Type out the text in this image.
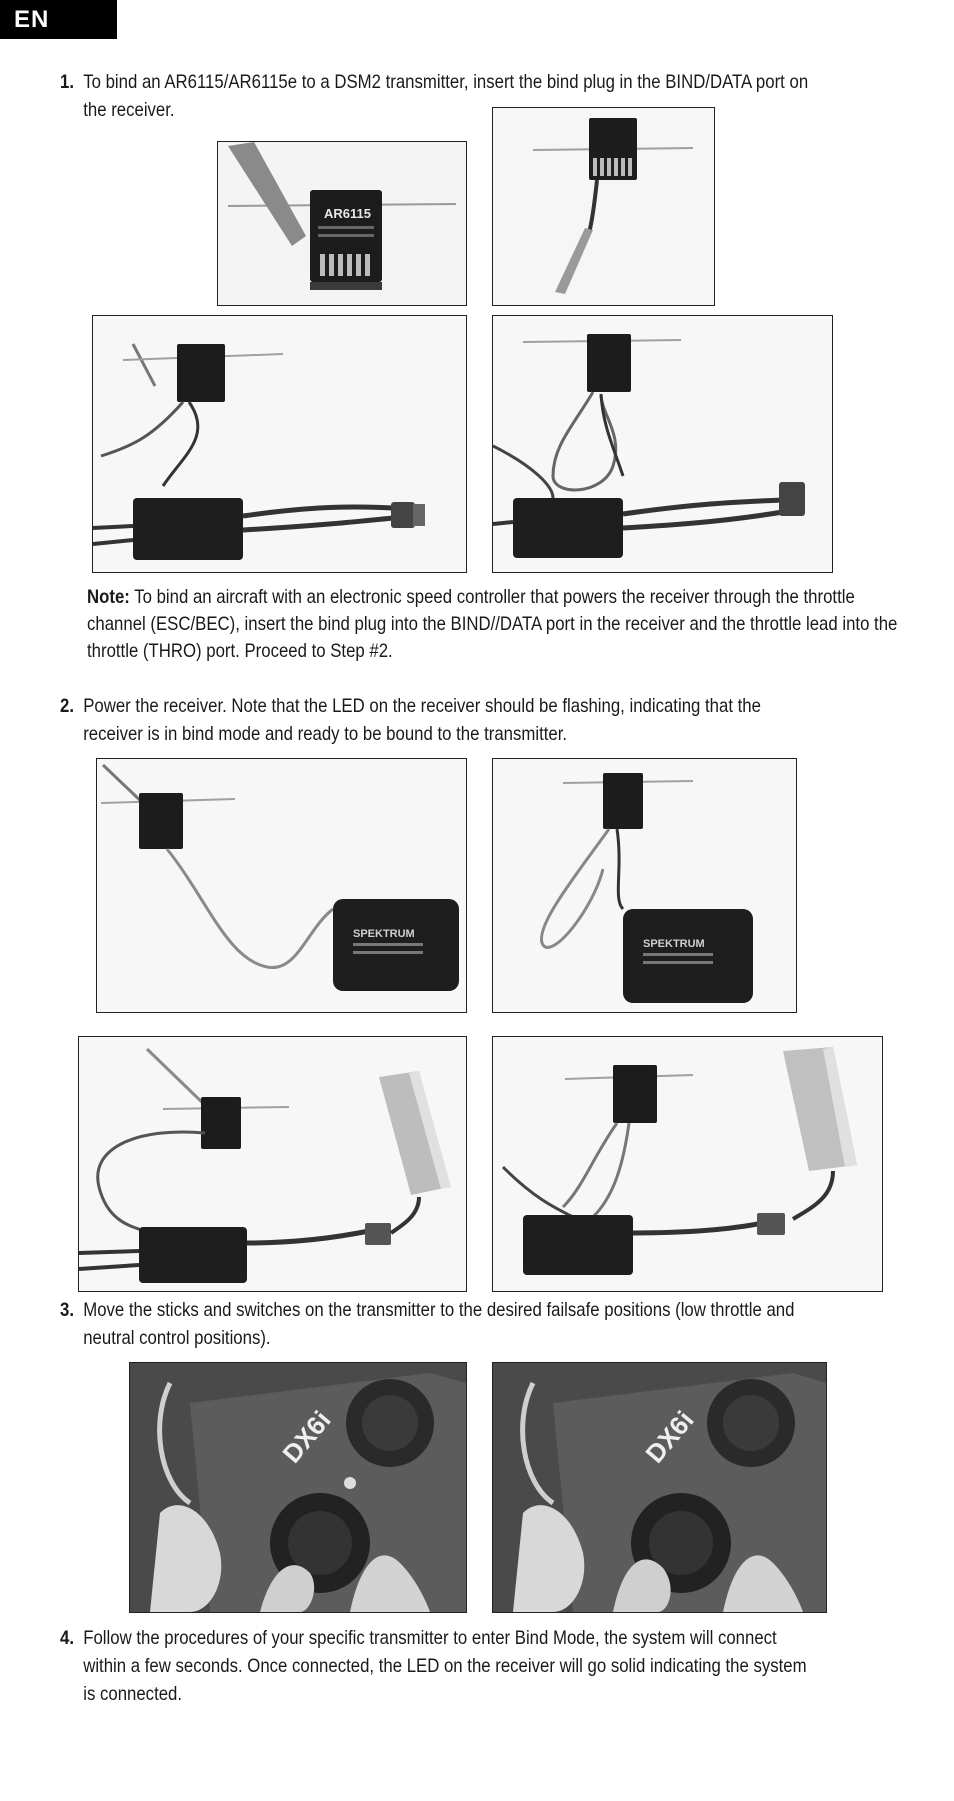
EN
1. To bind an AR6115/AR6115e to a DSM2 transmitter, insert the bind plug in the BIND/DATA port on the receiver.
AR6115
Note: To bind an aircraft with an electronic speed controller that powers the receiver through the throttle channel (ESC/BEC), insert the bind plug into the BIND//DATA port in the receiver and the throttle lead into the throttle (THRO) port. Proceed to Step #2.
2. Power the receiver. Note that the LED on the receiver should be flashing, indicating that the receiver is in bind mode and ready to be bound to the transmitter.
SPEKTRUM
SPEKTRUM
3. Move the sticks and switches on the transmitter to the desired failsafe positions (low throttle and neutral control positions).
DX6i	DX6i
4. Follow the procedures of your specific transmitter to enter Bind Mode, the system will connect within a few seconds. Once connected, the LED on the receiver will go solid indicating the system is connected.
